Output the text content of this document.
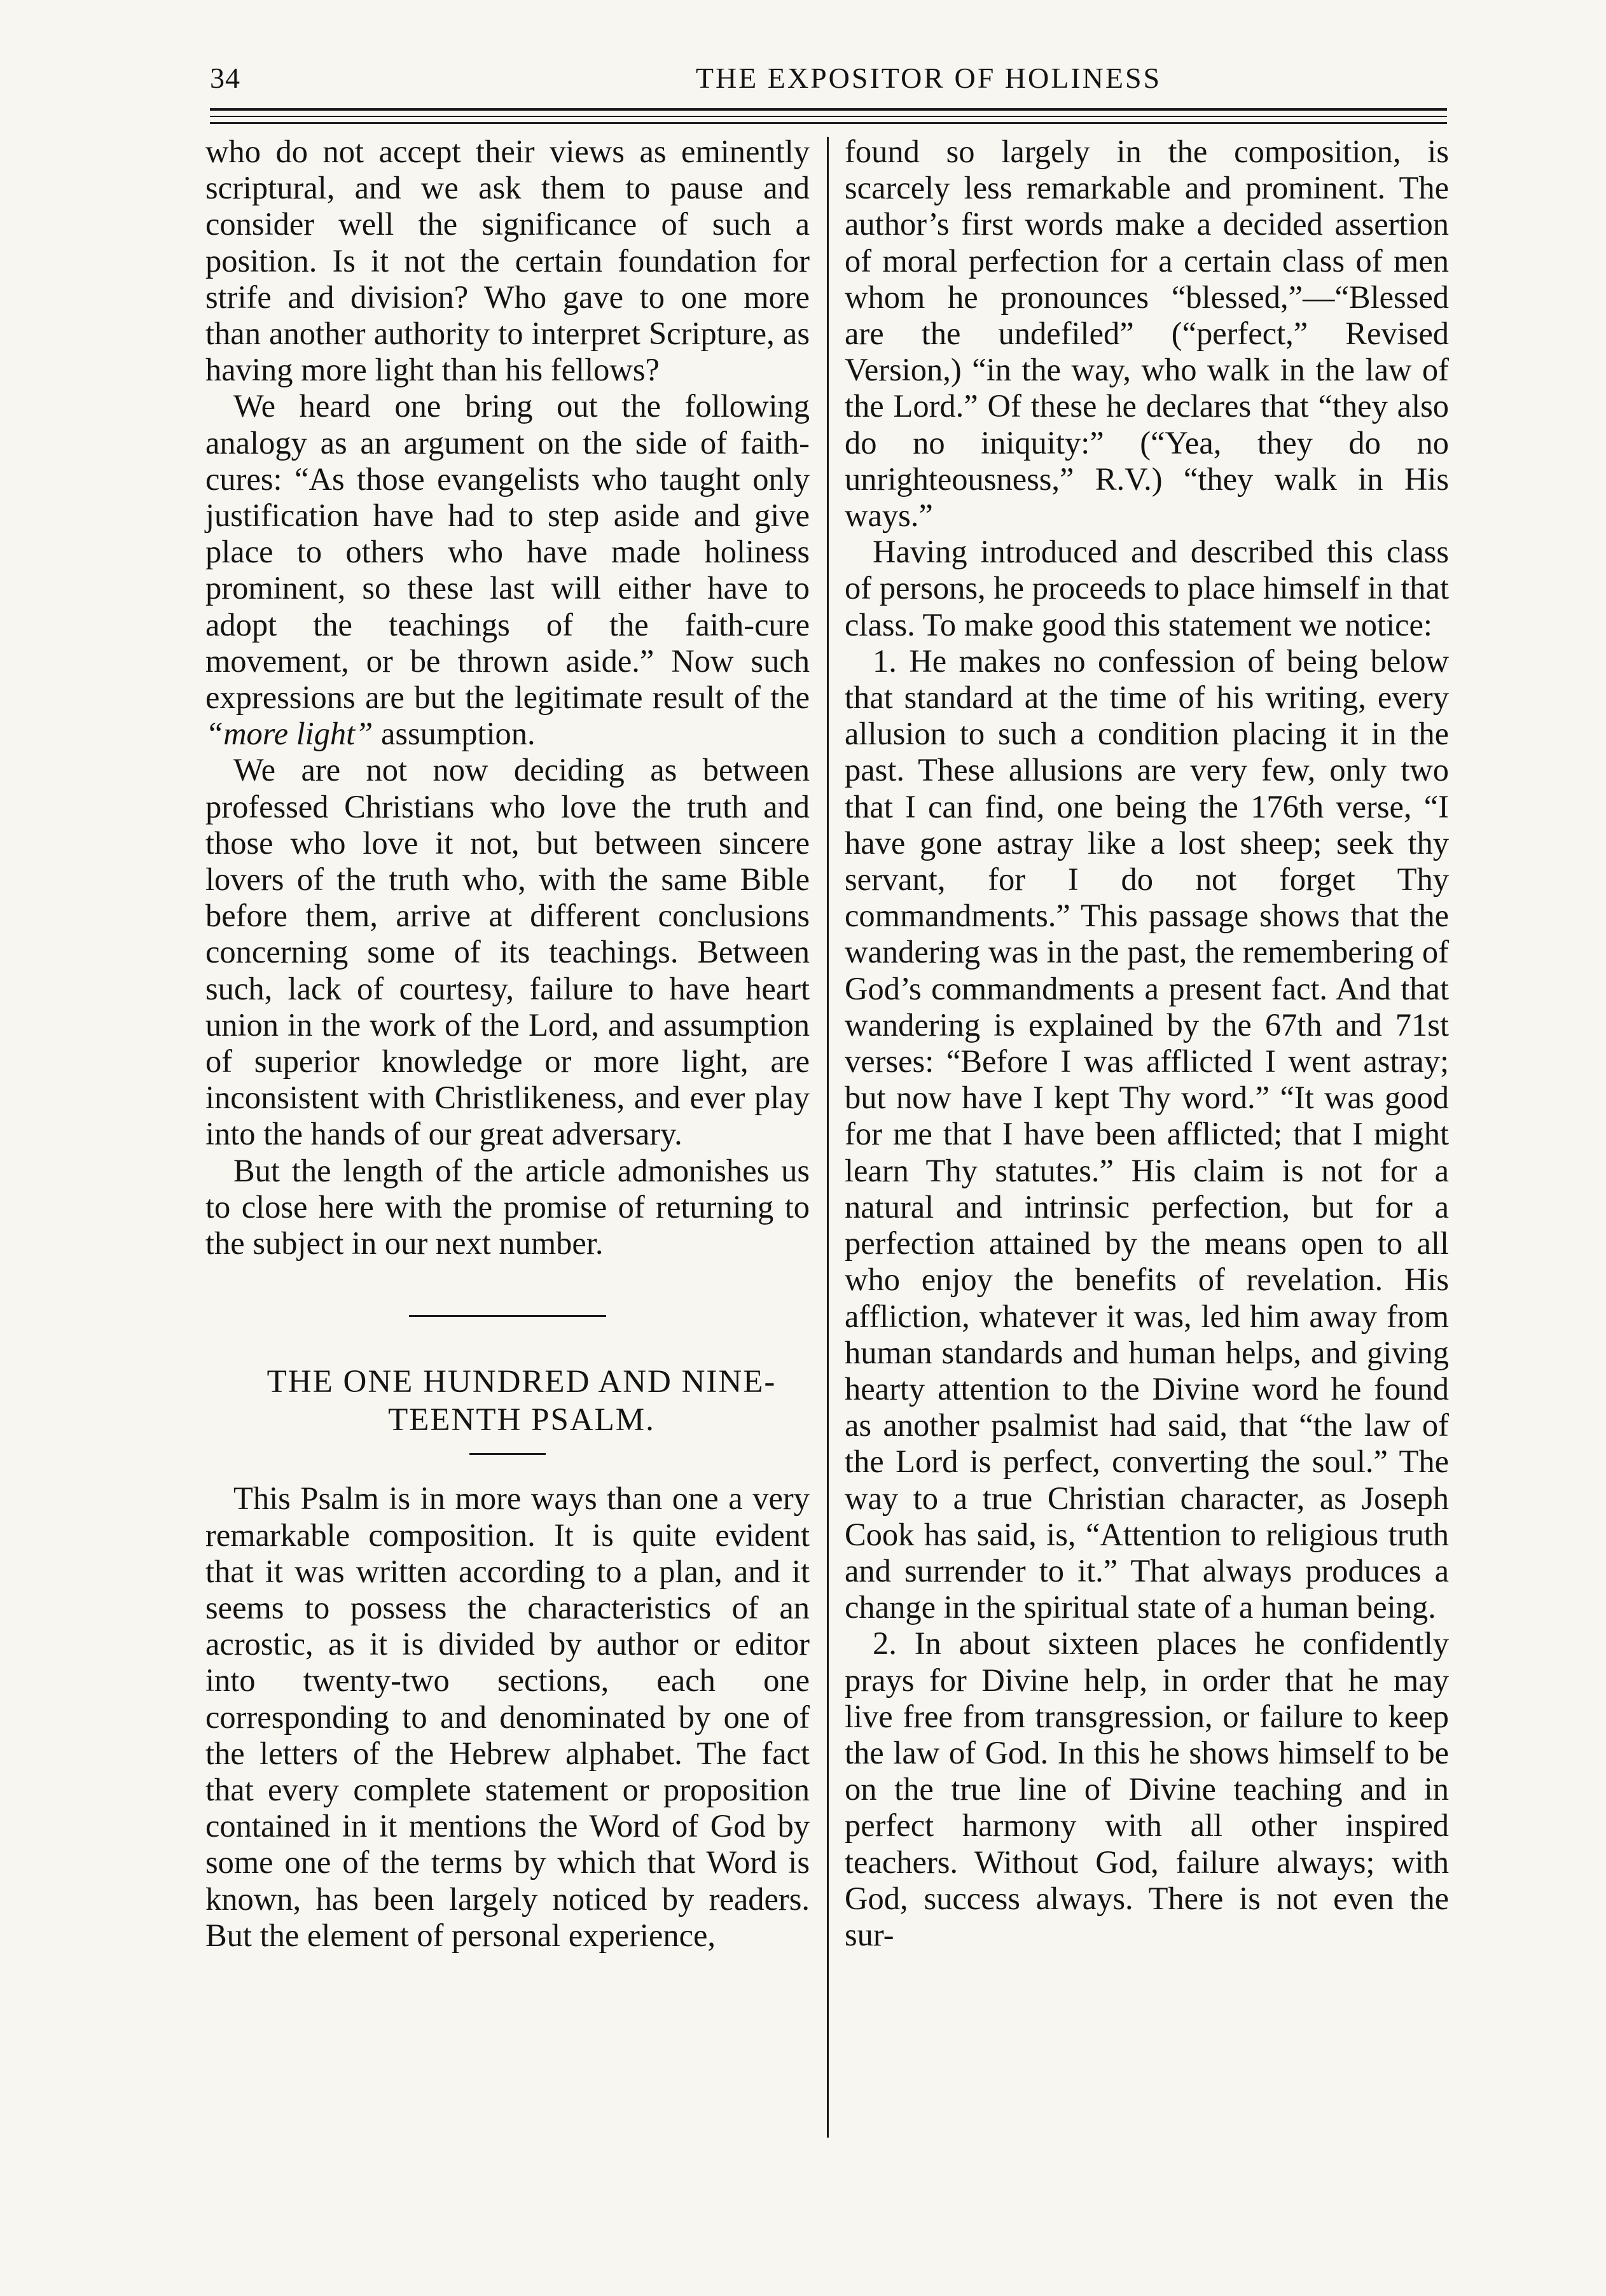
34	THE EXPOSITOR OF HOLINESS

who do not accept their views as eminently scriptural, and we ask them to pause and consider well the significance of such a position. Is it not the certain foundation for strife and division? Who gave to one more than another authority to interpret Scripture, as having more light than his fellows?

We heard one bring out the following analogy as an argument on the side of faith-cures: “As those evangelists who taught only justification have had to step aside and give place to others who have made holiness prominent, so these last will either have to adopt the teachings of the faith-cure movement, or be thrown aside.” Now such expressions are but the legitimate result of the “more light” assumption.

We are not now deciding as between professed Christians who love the truth and those who love it not, but between sincere lovers of the truth who, with the same Bible before them, arrive at different conclusions concerning some of its teachings. Between such, lack of courtesy, failure to have heart union in the work of the Lord, and assumption of superior knowledge or more light, are inconsistent with Christlikeness, and ever play into the hands of our great adversary.

But the length of the article admonishes us to close here with the promise of returning to the subject in our next number.

THE ONE HUNDRED AND NINE-

TEENTH PSALM.

This Psalm is in more ways than one a very remarkable composition. It is quite evident that it was written according to a plan, and it seems to possess the characteristics of an acrostic, as it is divided by author or editor into twenty-two sections, each one corresponding to and denominated by one of the letters of the Hebrew alphabet. The fact that every complete statement or proposition contained in it mentions the Word of God by some one of the terms by which that Word is known, has been largely noticed by readers. But the element of personal experience,

found so largely in the composition, is scarcely less remarkable and prominent. The author’s first words make a decided assertion of moral perfection for a certain class of men whom he pronounces “blessed,”—“Blessed are the undefiled” (“perfect,” Revised Version,) “in the way, who walk in the law of the Lord.” Of these he declares that “they also do no iniquity:” (“Yea, they do no unrighteousness,” R.V.) “they walk in His ways.”

Having introduced and described this class of persons, he proceeds to place himself in that class. To make good this statement we notice:

1. He makes no confession of being below that standard at the time of his writing, every allusion to such a condition placing it in the past. These allusions are very few, only two that I can find, one being the 176th verse, “I have gone astray like a lost sheep; seek thy servant, for I do not forget Thy commandments.” This passage shows that the wandering was in the past, the remembering of God’s commandments a present fact. And that wandering is explained by the 67th and 71st verses: “Before I was afflicted I went astray; but now have I kept Thy word.” “It was good for me that I have been afflicted; that I might learn Thy statutes.” His claim is not for a natural and intrinsic perfection, but for a perfection attained by the means open to all who enjoy the benefits of revelation. His affliction, whatever it was, led him away from human standards and human helps, and giving hearty attention to the Divine word he found as another psalmist had said, that “the law of the Lord is perfect, converting the soul.” The way to a true Christian character, as Joseph Cook has said, is, “Attention to religious truth and surrender to it.” That always produces a change in the spiritual state of a human being.

2. In about sixteen places he confidently prays for Divine help, in order that he may live free from transgression, or failure to keep the law of God. In this he shows himself to be on the true line of Divine teaching and in perfect harmony with all other inspired teachers. Without God, failure always; with God, success always. There is not even the sur-
